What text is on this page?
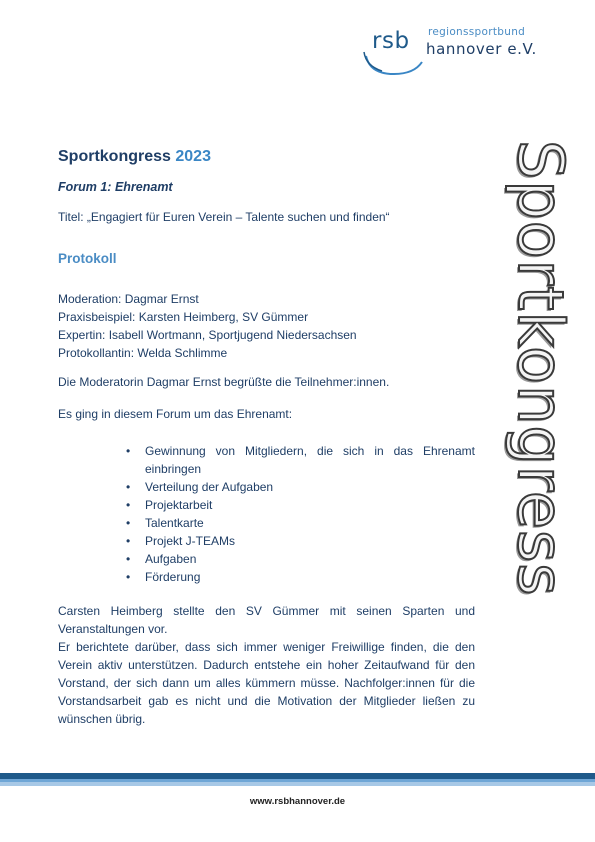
rsb regionssportbund
hannover e.V.
Sportkongress
Sportkongress 2023
Forum 1: Ehrenamt
Titel: „Engagiert für Euren Verein – Talente suchen und finden“
Protokoll
Moderation: Dagmar Ernst
Praxisbeispiel: Karsten Heimberg, SV Gümmer
Expertin: Isabell Wortmann, Sportjugend Niedersachsen
Protokollantin: Welda Schlimme
Die Moderatorin Dagmar Ernst begrüßte die Teilnehmer:innen.
Es ging in diesem Forum um das Ehrenamt:
• Gewinnung von Mitgliedern, die sich in das Ehrenamt einbringen
• Verteilung der Aufgaben
• Projektarbeit
• Talentkarte
• Projekt J-TEAMs
• Aufgaben
• Förderung

Carsten Heimberg stellte den SV Gümmer mit seinen Sparten und Veranstaltungen vor.

Er berichtete darüber, dass sich immer weniger Freiwillige finden, die den Verein aktiv unterstützen. Dadurch entstehe ein hoher Zeitaufwand für den Vorstand, der sich dann um alles kümmern müsse. Nachfolger:innen für die Vorstandsarbeit gab es nicht und die Motivation der Mitglieder ließen zu wünschen übrig.

www.rsbhannover.de
